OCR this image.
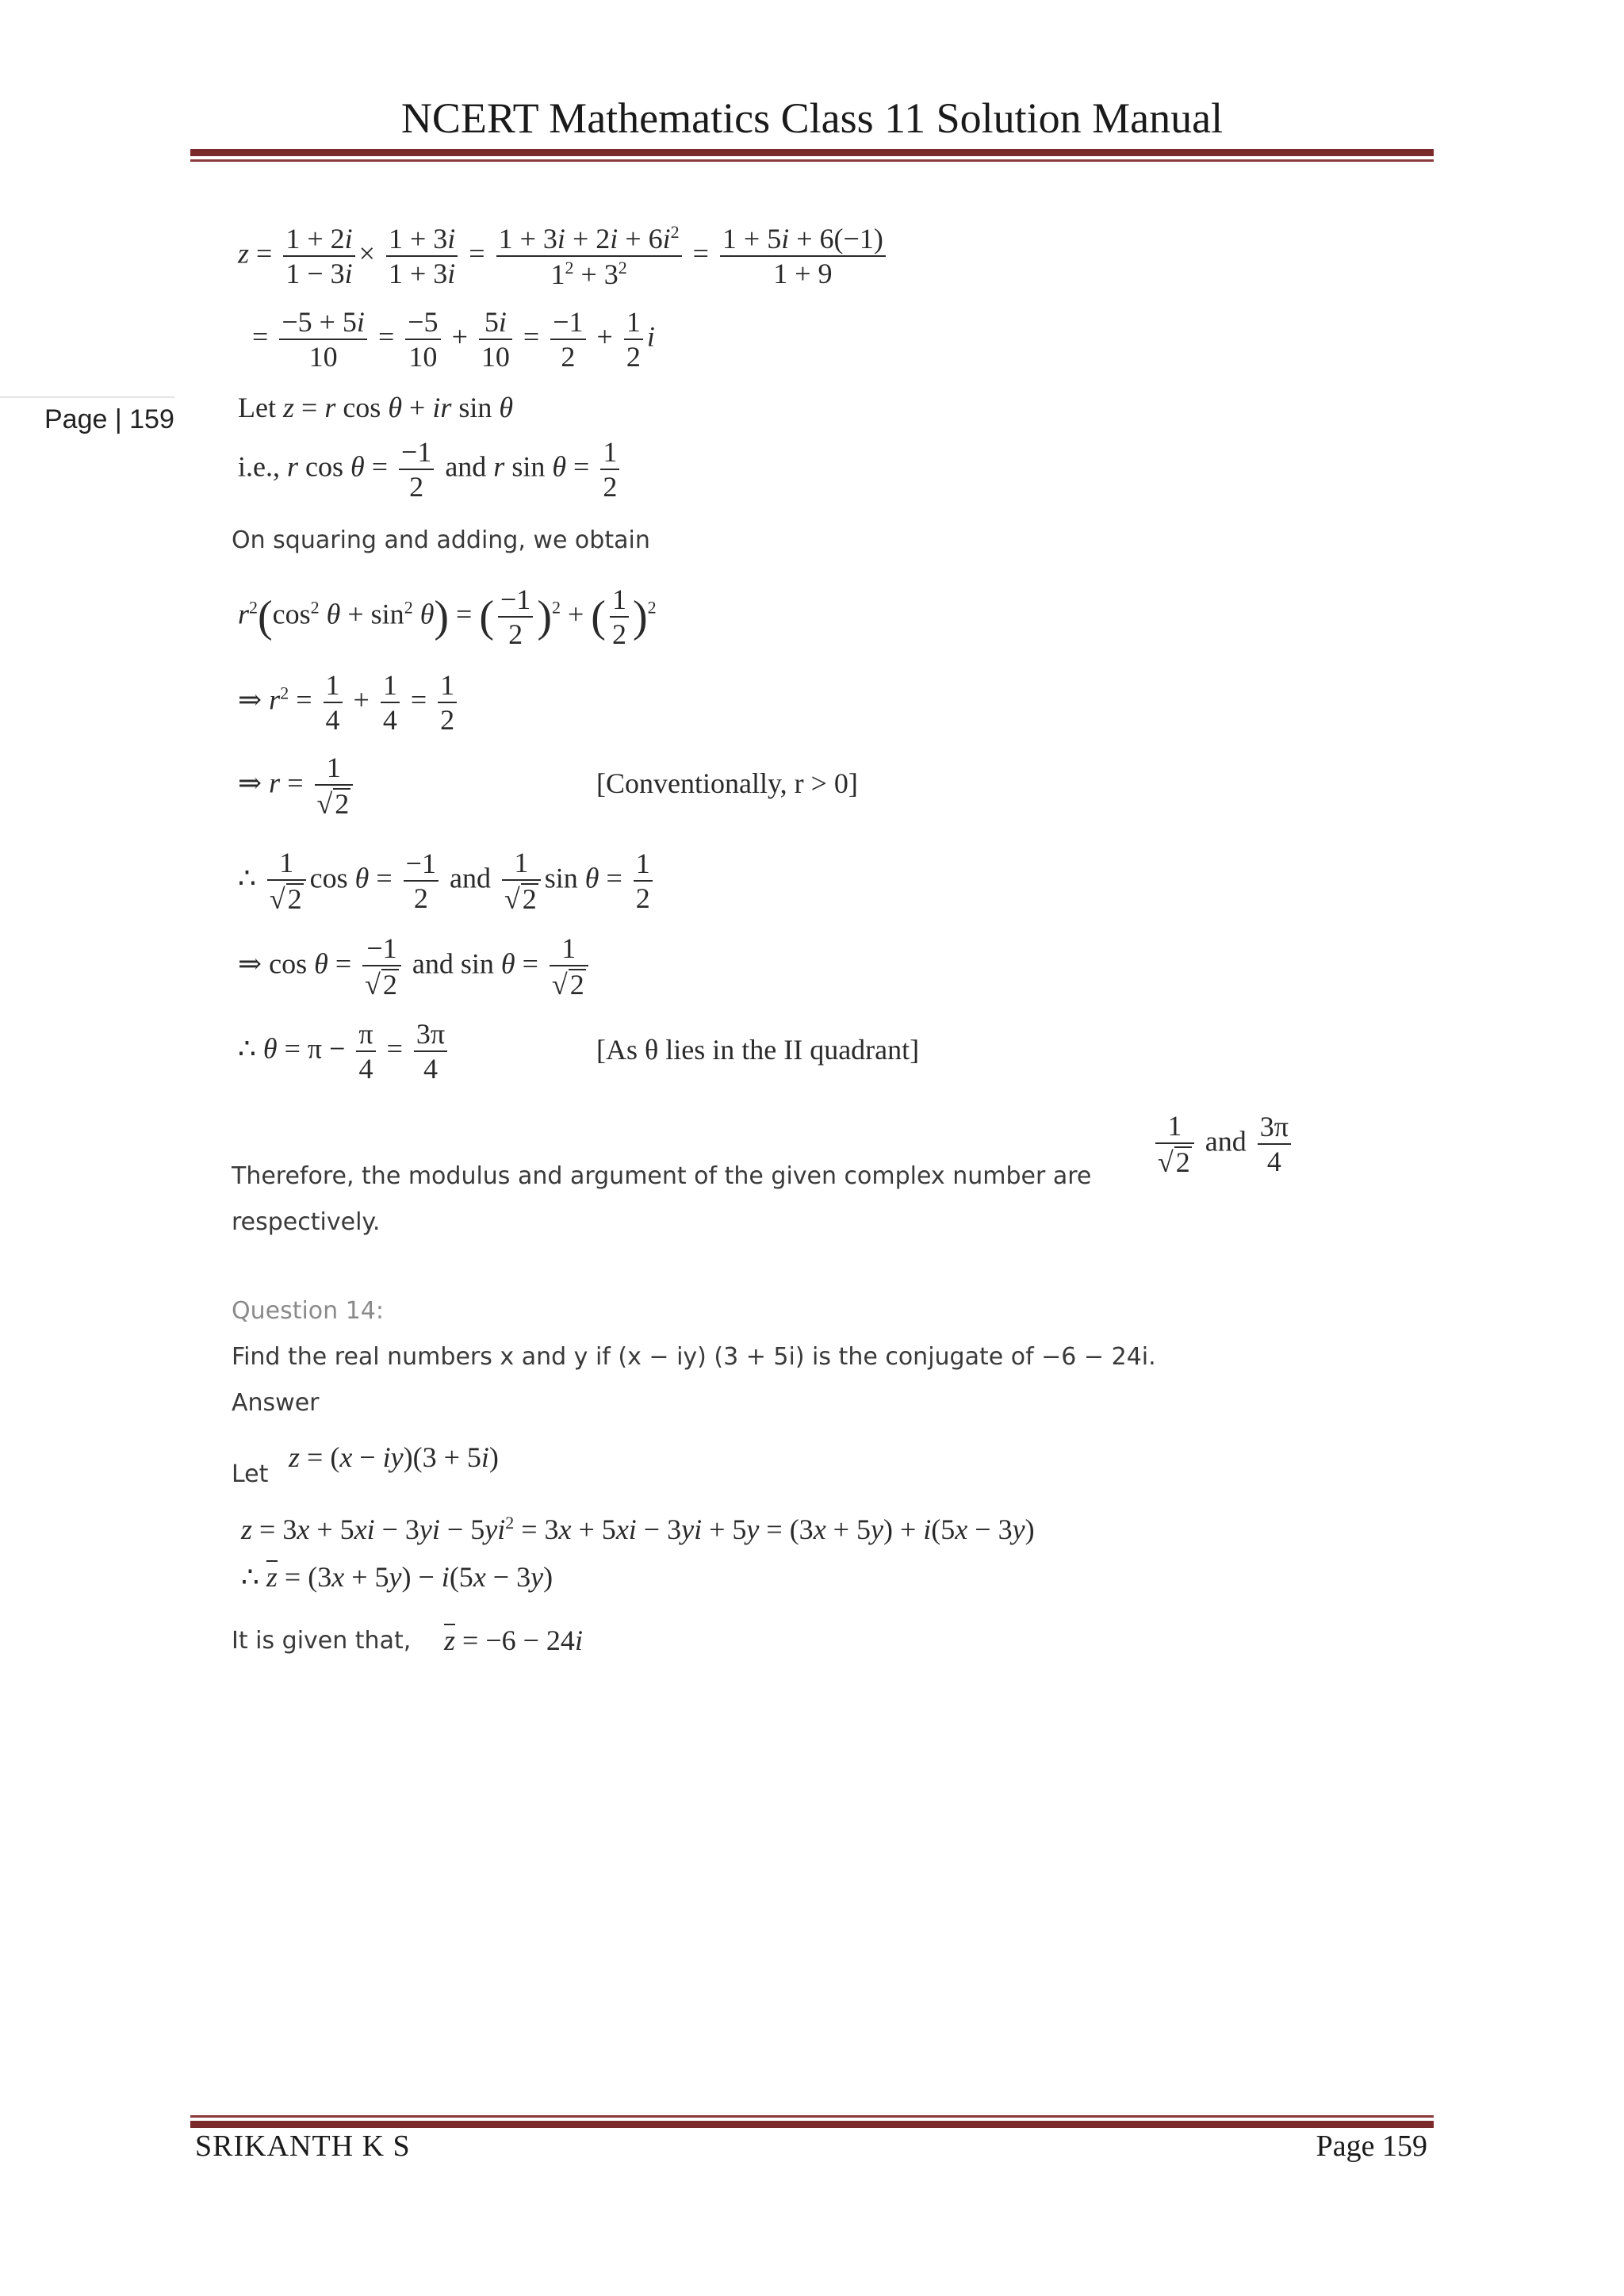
NCERT Mathematics Class 11 Solution Manual
Page | 159
$z = \frac{1 + 2i}{1 - 3i} \times \frac{1 + 3i}{1 + 3i} = \frac{1 + 3i + 2i + 6i^2}{1^2 + 3^2} = \frac{1 + 5i + 6(-1)}{1 + 9}$
= $\frac{-5 + 5i}{10} = \frac{-5}{10} + \frac{5i}{10} = \frac{-1}{2} + \frac{1}{2}$ i
Let z = r cos θ + ir sin θ
i.e., r $\cos \theta = \frac{-1}{2}$ and r $\sin \theta = \frac{1}{2}$
On squaring and adding, we obtain
$r^2(\cos^2$ $\theta + \sin^2 \theta$) = ( $\frac{-1}{2} )^2$ + ( $\frac{1}{2} )^2$
⇒ $r^2 = \frac{1}{4} + \frac{1}{4} = \frac{1}{2}$
⇒ $r = \frac{1}{√2}$	[Conventionally, r > 0]
∴ $\frac{1}{√2}$ $\cos \theta = \frac{-1}{2}$ and $\frac{1}{√2}$ $\sin \theta = \frac{1}{2}$
⇒ $\cos \theta = \frac{-1}{√2}$ and $\sin \theta = \frac{1}{√2}$
∴ $\theta = \pi - \frac{\pi}{4} = \frac{3\pi}{4}$	[As θ lies in the II quadrant]
Therefore, the modulus and argument of the given complex number are $\frac{1}{√2}$ and $\frac{3\pi}{4}$
respectively.
Question 14:
Find the real numbers x and y if (x − iy) (3 + 5i) is the conjugate of −6 − 24i.
Answer
Let
z = (x − iy)(3 + 5i)
$z = 3x + 5xi - 3yi - 5yi^2 = 3x + 5xi - 3yi + 5y = (3x + 5y) + i(5x - 3y)$
∴ z = (3x + 5y) − i(5x − 3y)
It is given that, z = −6 − 24i
SRIKANTH K S	Page 159
